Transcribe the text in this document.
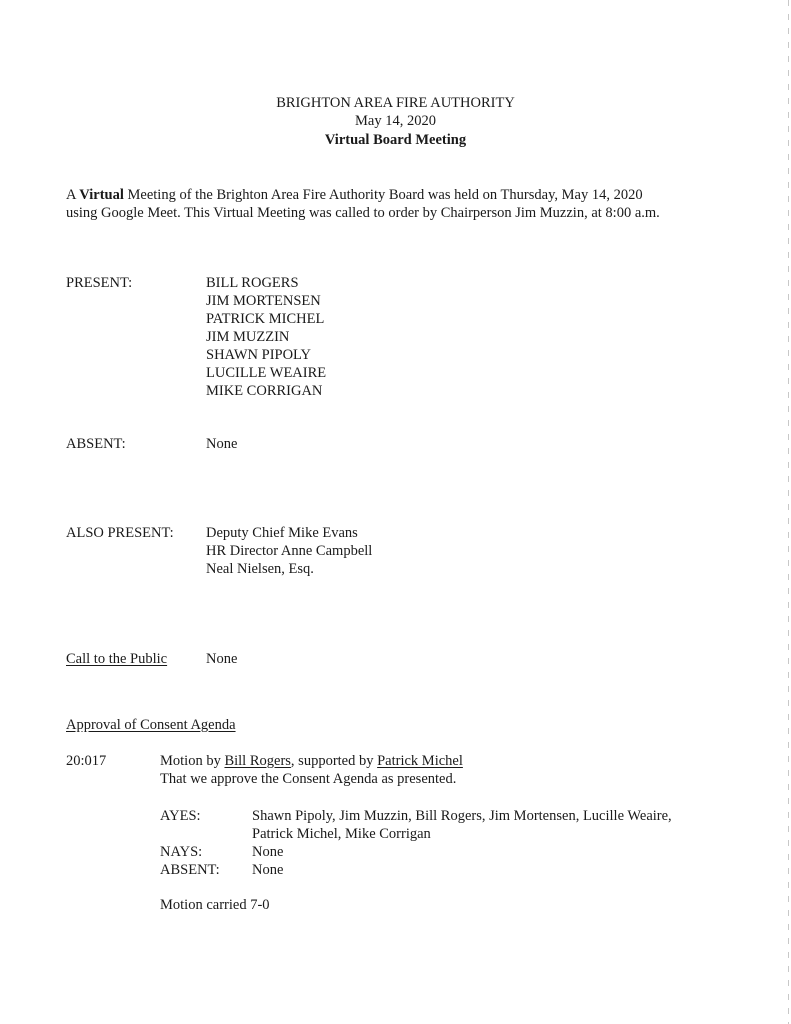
BRIGHTON AREA FIRE AUTHORITY
May 14, 2020
Virtual Board Meeting
A Virtual Meeting of the Brighton Area Fire Authority Board was held on Thursday, May 14, 2020
using Google Meet. This Virtual Meeting was called to order by Chairperson Jim Muzzin, at 8:00 a.m.
PRESENT:	BILL ROGERS
JIM MORTENSEN
PATRICK MICHEL
JIM MUZZIN
SHAWN PIPOLY
LUCILLE WEAIRE
MIKE CORRIGAN
ABSENT:	None
ALSO PRESENT: Deputy Chief Mike Evans
HR Director Anne Campbell
Neal Nielsen, Esq.
Call to the Public	None
Approval of Consent Agenda
20:017	Motion by Bill Rogers, supported by Patrick Michel
That we approve the Consent Agenda as presented.
AYES:	Shawn Pipoly, Jim Muzzin, Bill Rogers, Jim Mortensen, Lucille Weaire,
Patrick Michel, Mike Corrigan
NAYS:	None
ABSENT: None
Motion carried 7-0
